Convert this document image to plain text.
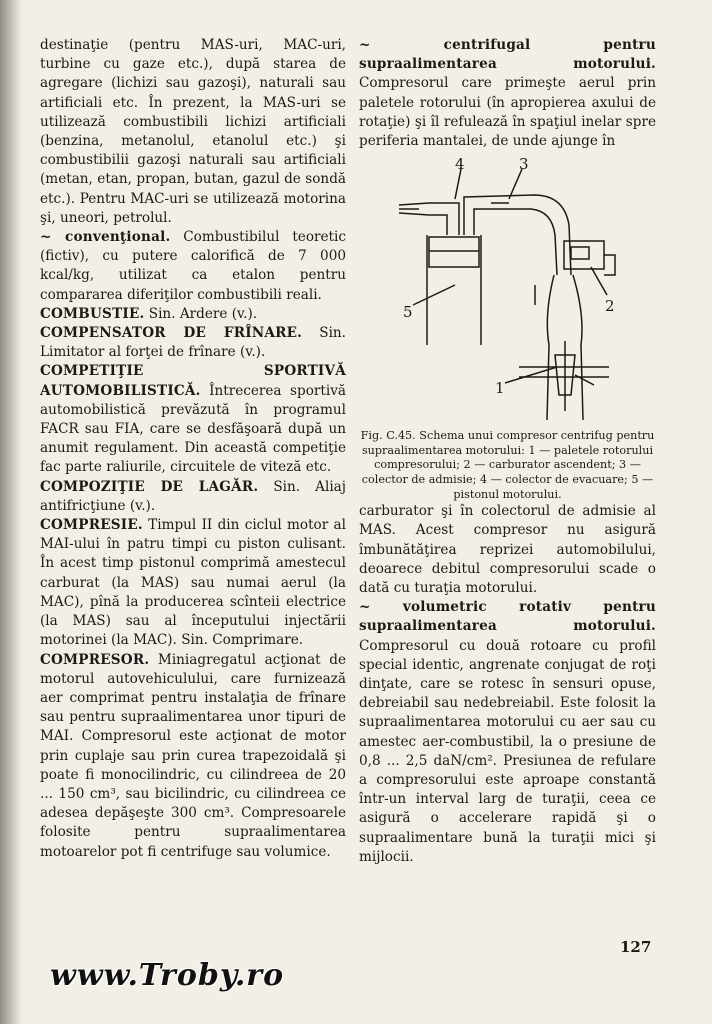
destinaţie (pentru MAS-uri, MAC-uri, turbine cu gaze etc.), după starea de agregare (lichizi sau gazoşi), naturali sau artificiali etc. În prezent, la MAS-uri se utilizează combustibili lichizi artificiali (benzina, metanolul, etanolul etc.) şi combustibilii gazoşi naturali sau artificiali (metan, etan, propan, butan, gazul de sondă etc.). Pentru MAC-uri se utilizează motorina şi, uneori, petrolul.

~ convenţional. Combustibilul teoretic (fictiv), cu putere calorifică de 7 000 kcal/kg, utilizat ca etalon pentru compararea diferiţilor combustibili reali.

COMBUSTIE. Sin. Ardere (v.).

COMPENSATOR DE FRÎNARE. Sin. Limitator al forţei de frînare (v.).

COMPETIŢIE SPORTIVĂ AUTOMOBILISTICĂ. Întrecerea sportivă automobilistică prevăzută în programul FACR sau FIA, care se desfăşoară după un anumit regulament. Din această competiţie fac parte raliurile, circuitele de viteză etc.

COMPOZIŢIE DE LAGĂR. Sin. Aliaj antifricţiune (v.).

COMPRESIE. Timpul II din ciclul motor al MAI-ului în patru timpi cu piston culisant. În acest timp pistonul comprimă amestecul carburat (la MAS) sau numai aerul (la MAC), pînă la producerea scînteii electrice (la MAS) sau al începutului injectării motorinei (la MAC). Sin. Comprimare.

COMPRESOR. Miniagregatul acţionat de motorul autovehiculului, care furnizează aer comprimat pentru instalaţia de frînare sau pentru supraalimentarea unor tipuri de MAI. Compresorul este acţionat de motor prin cuplaje sau prin curea trapezoidală şi poate fi monocilindric, cu cilindreea de 20 ... 150 cm³, sau bicilindric, cu cilindreea ce adesea depăşeşte 300 cm³. Compresoarele folosite pentru supraalimentarea motoarelor pot fi centrifuge sau volumice.

~ centrifugal pentru supraalimentarea motorului. Compresorul care primeşte aerul prin paletele rotorului (în apropierea axului de rotaţie) şi îl refulează în spaţiul inelar spre periferia mantalei, de unde ajunge în

4	3
2
5
1

Fig. C.45. Schema unui compresor centrifug pentru supraalimentarea motorului: 1 — paletele rotorului compresorului; 2 — carburator ascendent; 3 — colector de admisie; 4 — colector de evacuare; 5 — pistonul motorului.

carburator şi în colectorul de admisie al MAS. Acest compresor nu asigură îmbunătăţirea reprizei automobilului, deoarece debitul compresorului scade o dată cu turaţia motorului.

~ volumetric rotativ pentru supraalimentarea motorului. Compresorul cu două rotoare cu profil special identic, angrenate conjugat de roţi dinţate, care se rotesc în sensuri opuse, debreiabil sau nedebreiabil. Este folosit la supraalimentarea motorului cu aer sau cu amestec aer-combustibil, la o presiune de 0,8 ... 2,5 daN/cm². Presiunea de refulare a compresorului este aproape constantă într-un interval larg de turaţii, ceea ce asigură o accelerare rapidă şi o supraalimentare bună la turaţii mici şi mijlocii.

127
www.Troby.ro
